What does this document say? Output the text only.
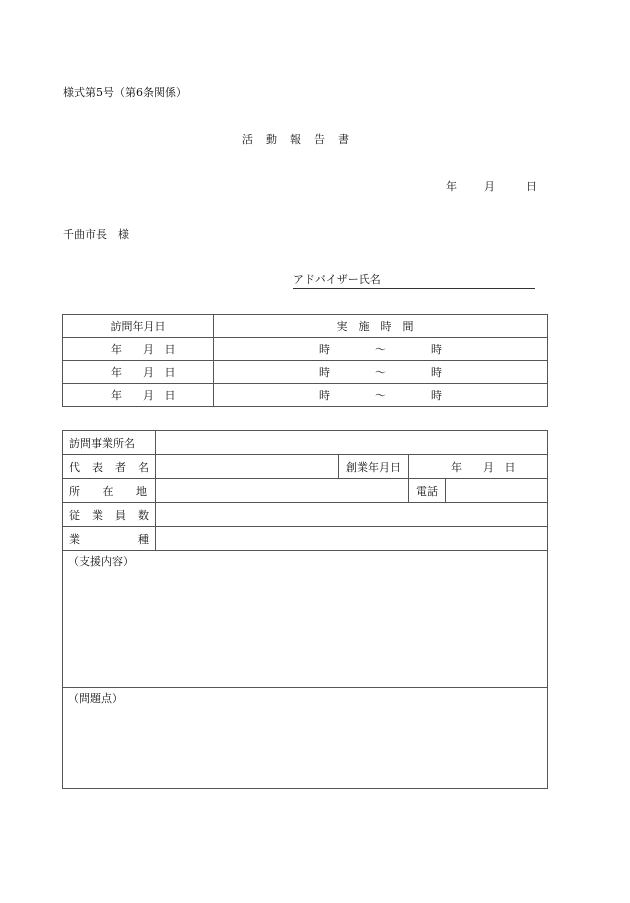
様式第5号（第6条関係）
活動報告書
年 月	日
千曲市長　様
アドバイザー氏名
訪問年月日	実施時間
年 月 日	時 〜 時
年 月 日	時 〜 時
年 月 日	時 〜 時
訪問事業所名				

代 表 者 名		創業年月日	年 月 日	

所 在 地			電話	

従 業 員 数				

業 種				

（支援内容）				
（問題点）				
